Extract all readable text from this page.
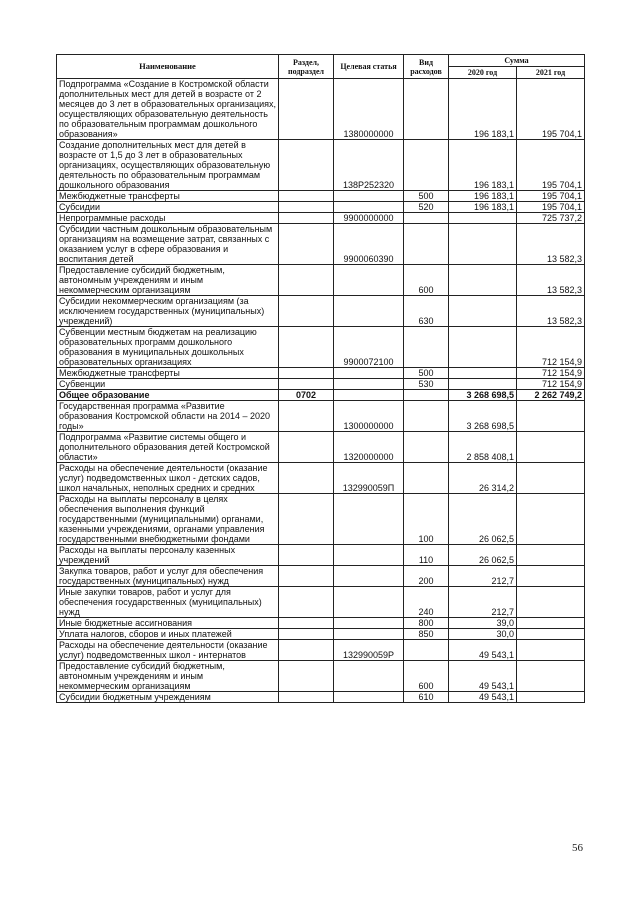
Наименование	Раздел, подраздел	Целевая статья	Вид расходов	Сумма	
				2020 год	2021 год
Подпрограмма «Создание в Костромской области дополнительных мест для детей в возрасте от 2 месяцев до 3 лет в образовательных организациях, осуществляющих образовательную деятельность по образовательным программам дошкольного образования»		1380000000		196 183,1	195 704,1
Создание дополнительных мест для детей в возрасте от 1,5 до 3 лет в образовательных организациях, осуществляющих образовательную деятельность по образовательным программам дошкольного образования		138P252320		196 183,1	195 704,1
Межбюджетные трансферты			500	196 183,1	195 704,1
Субсидии			520	196 183,1	195 704,1
Непрограммные расходы		9900000000			725 737,2
Субсидии частным дошкольным образовательным организациям на возмещение затрат, связанных с оказанием услуг в сфере образования и воспитания детей		9900060390			13 582,3
Предоставление субсидий бюджетным, автономным учреждениям и иным некоммерческим организациям			600		13 582,3
Субсидии некоммерческим организациям (за исключением государственных (муниципальных) учреждений)			630		13 582,3
Субвенции местным бюджетам на реализацию образовательных программ дошкольного образования в муниципальных дошкольных образовательных организациях		9900072100			712 154,9
Межбюджетные трансферты			500		712 154,9
Субвенции			530		712 154,9
Общее образование	0702			3 268 698,5	2 262 749,2
Государственная программа «Развитие образования Костромской области на 2014 – 2020 годы»		1300000000		3 268 698,5	
Подпрограмма «Развитие системы общего и дополнительного образования детей Костромской области»		1320000000		2 858 408,1	
Расходы на обеспечение деятельности (оказание услуг) подведомственных школ - детских садов, школ начальных, неполных средних и средних		132990059П		26 314,2	
Расходы на выплаты персоналу в целях обеспечения выполнения функций государственными (муниципальными) органами, казенными учреждениями, органами управления государственными внебюджетными фондами			100	26 062,5	
Расходы на выплаты персоналу казенных учреждений			110	26 062,5	
Закупка товаров, работ и услуг для обеспечения государственных (муниципальных) нужд			200	212,7	
Иные закупки товаров, работ и услуг для обеспечения государственных (муниципальных) нужд			240	212,7	
Иные бюджетные ассигнования			800	39,0	
Уплата налогов, сборов и иных платежей			850	30,0	
Расходы на обеспечение деятельности (оказание услуг) подведомственных школ - интернатов		132990059Р		49 543,1	
Предоставление субсидий бюджетным, автономным учреждениям и иным некоммерческим организациям			600	49 543,1	
Субсидии бюджетным учреждениям			610	49 543,1	
56
